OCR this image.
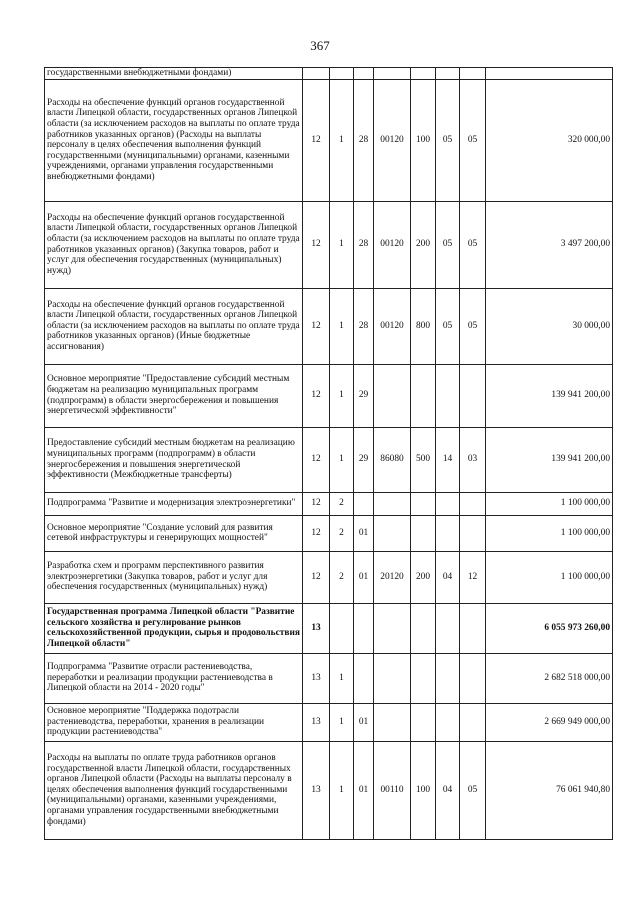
367
государственными внебюджетными фондами)								
Расходы на обеспечение функций органов государственной власти Липецкой области, государственных органов Липецкой области (за исключением расходов на выплаты по оплате труда работников указанных органов) (Расходы на выплаты персоналу в целях обеспечения выполнения функций государственными (муниципальными) органами, казенными учреждениями, органами управления государственными внебюджетными фондами)	12	1	28	00120	100	05	05	320 000,00
Расходы на обеспечение функций органов государственной власти Липецкой области, государственных органов Липецкой области (за исключением расходов на выплаты по оплате труда работников указанных органов) (Закупка товаров, работ и услуг для обеспечения государственных (муниципальных) нужд)	12	1	28	00120	200	05	05	3 497 200,00
Расходы на обеспечение функций органов государственной власти Липецкой области, государственных органов Липецкой области (за исключением расходов на выплаты по оплате труда работников указанных органов) (Иные бюджетные ассигнования)	12	1	28	00120	800	05	05	30 000,00
Основное мероприятие "Предоставление субсидий местным бюджетам на реализацию муниципальных программ (подпрограмм) в области энергосбережения и повышения энергетической эффективности"	12	1	29					139 941 200,00
Предоставление субсидий местным бюджетам на реализацию муниципальных программ (подпрограмм) в области энергосбережения и повышения энергетической эффективности (Межбюджетные трансферты)	12	1	29	86080	500	14	03	139 941 200,00
Подпрограмма "Развитие и модернизация электроэнергетики"	12	2						1 100 000,00
Основное мероприятие "Создание условий для развития сетевой инфраструктуры и генерирующих мощностей"	12	2	01					1 100 000,00
Разработка схем и программ перспективного развития электроэнергетики (Закупка товаров, работ и услуг для обеспечения государственных (муниципальных) нужд)	12	2	01	20120	200	04	12	1 100 000,00
Государственная программа Липецкой области "Развитие сельского хозяйства и регулирование рынков сельскохозяйственной продукции, сырья и продовольствия Липецкой области"	13							6 055 973 260,00
Подпрограмма "Развитие отрасли растениеводства, переработки и реализации продукции растениеводства в Липецкой области на 2014 - 2020 годы"	13	1						2 682 518 000,00
Основное мероприятие "Поддержка подотрасли растениеводства, переработки, хранения в реализации продукции растениеводства"	13	1	01					2 669 949 000,00
Расходы на выплаты по оплате труда работников органов государственной власти Липецкой области, государственных органов Липецкой области (Расходы на выплаты персоналу в целях обеспечения выполнения функций государственными (муниципальными) органами, казенными учреждениями, органами управления государственными внебюджетными фондами)	13	1	01	00110	100	04	05	76 061 940,80
